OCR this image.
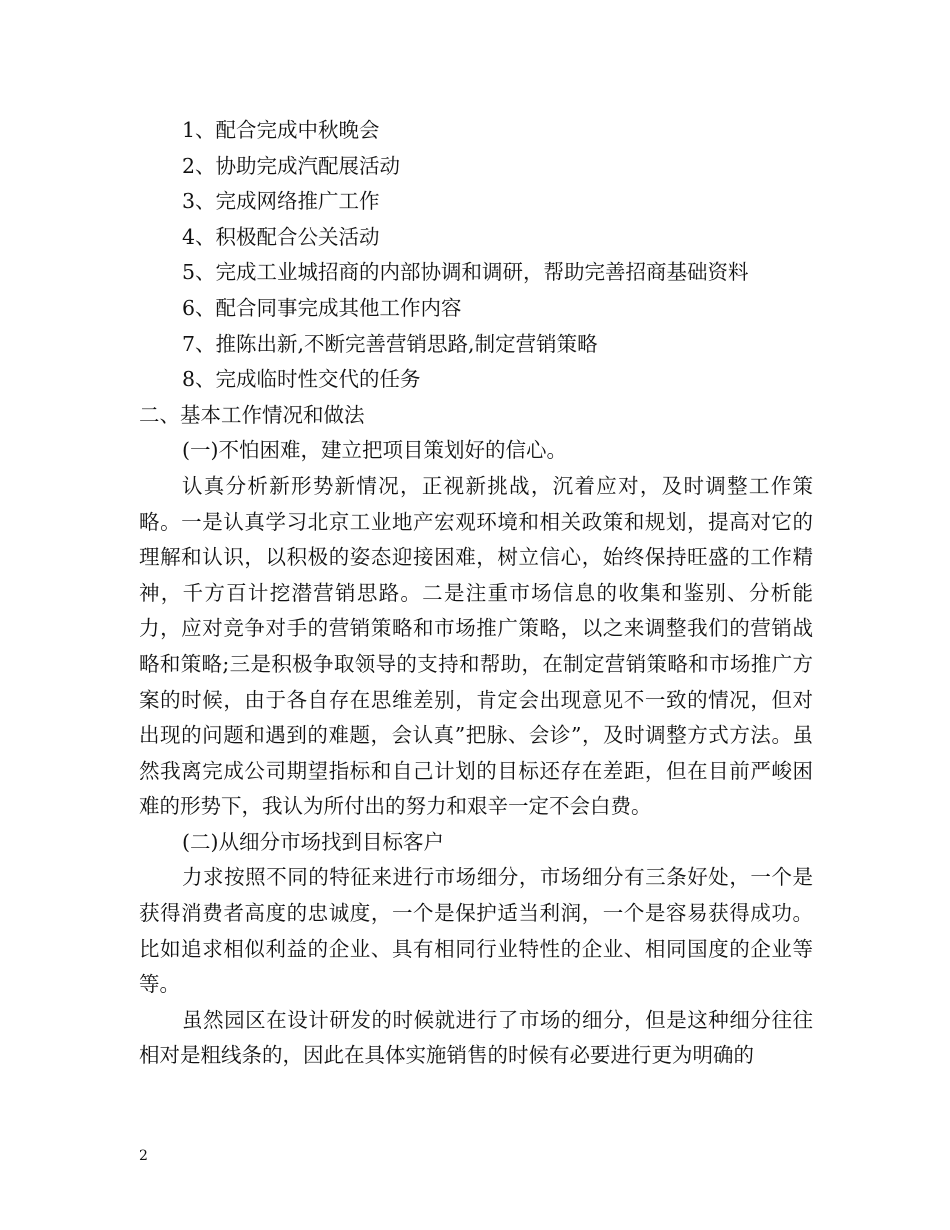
1、配合完成中秋晚会
2、协助完成汽配展活动
3、完成网络推广工作
4、积极配合公关活动
5、完成工业城招商的内部协调和调研，帮助完善招商基础资料
6、配合同事完成其他工作内容
7、推陈出新,不断完善营销思路,制定营销策略
8、完成临时性交代的任务
二、基本工作情况和做法
(一)不怕困难，建立把项目策划好的信心。
认真分析新形势新情况，正视新挑战，沉着应对，及时调整工作策略。一是认真学习北京工业地产宏观环境和相关政策和规划，提高对它的理解和认识，以积极的姿态迎接困难，树立信心，始终保持旺盛的工作精神，千方百计挖潜营销思路。二是注重市场信息的收集和鉴别、分析能力，应对竞争对手的营销策略和市场推广策略，以之来调整我们的营销战略和策略;三是积极争取领导的支持和帮助，在制定营销策略和市场推广方案的时候，由于各自存在思维差别，肯定会出现意见不一致的情况，但对出现的问题和遇到的难题，会认真”把脉、会诊”，及时调整方式方法。虽然我离完成公司期望指标和自己计划的目标还存在差距，但在目前严峻困难的形势下，我认为所付出的努力和艰辛一定不会白费。
(二)从细分市场找到目标客户
力求按照不同的特征来进行市场细分，市场细分有三条好处，一个是获得消费者高度的忠诚度，一个是保护适当利润，一个是容易获得成功。比如追求相似利益的企业、具有相同行业特性的企业、相同国度的企业等等。
虽然园区在设计研发的时候就进行了市场的细分，但是这种细分往往相对是粗线条的，因此在具体实施销售的时候有必要进行更为明确的
2
